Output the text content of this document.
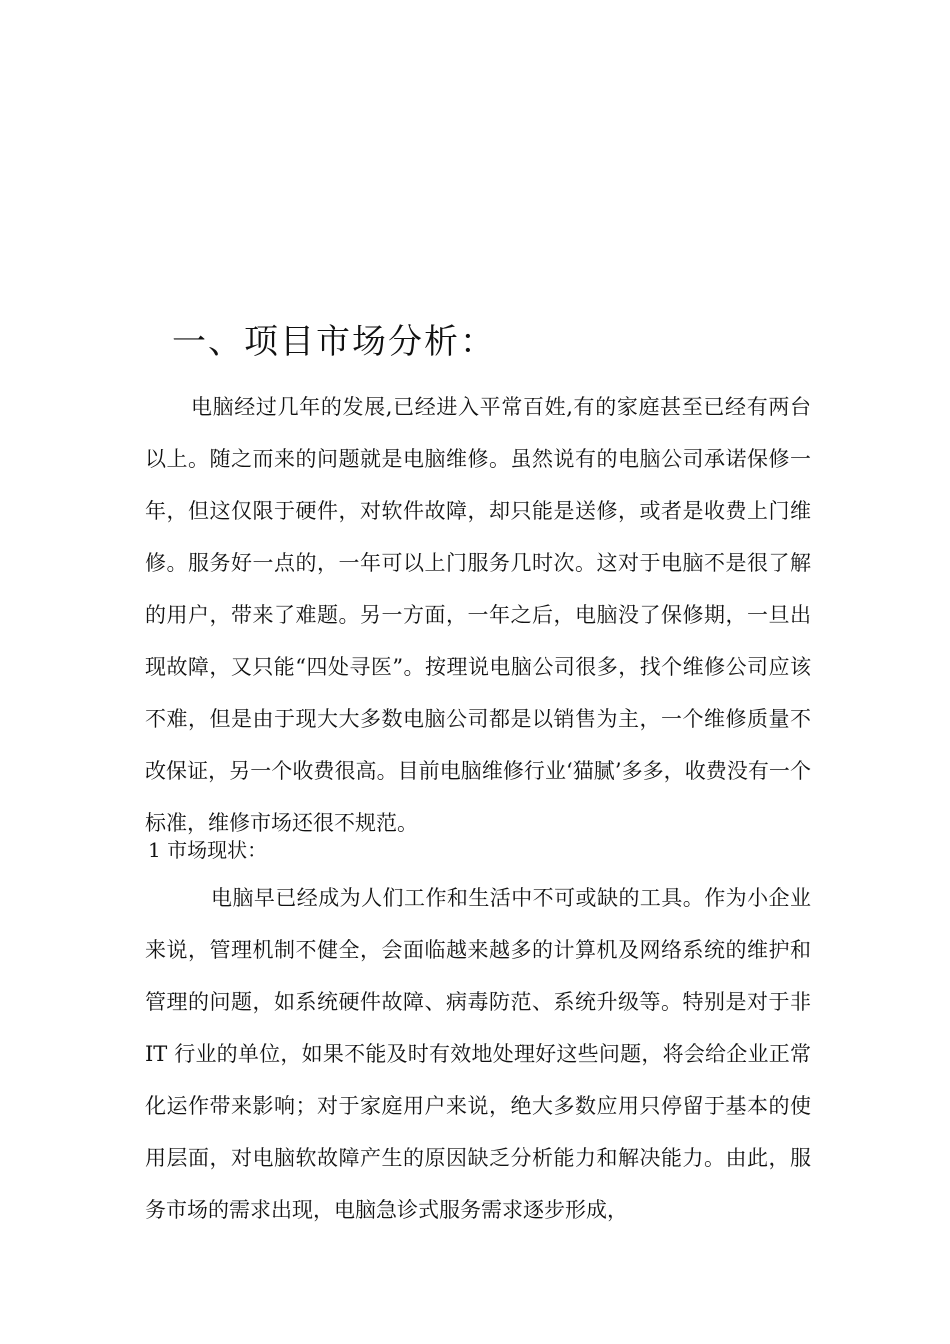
一、项目市场分析：

电脑经过几年的发展,已经进入平常百姓,有的家庭甚至已经有两台以上。随之而来的问题就是电脑维修。虽然说有的电脑公司承诺保修一年，但这仅限于硬件，对软件故障，却只能是送修，或者是收费上门维修。服务好一点的，一年可以上门服务几时次。这对于电脑不是很了解的用户，带来了难题。另一方面，一年之后，电脑没了保修期，一旦出现故障，又只能“四处寻医”。按理说电脑公司很多，找个维修公司应该不难，但是由于现大大多数电脑公司都是以销售为主，一个维修质量不改保证，另一个收费很高。目前电脑维修行业‘猫腻’多多，收费没有一个标准，维修市场还很不规范。

1 市场现状：

电脑早已经成为人们工作和生活中不可或缺的工具。作为小企业来说，管理机制不健全，会面临越来越多的计算机及网络系统的维护和管理的问题，如系统硬件故障、病毒防范、系统升级等。特别是对于非 IT 行业的单位，如果不能及时有效地处理好这些问题，将会给企业正常化运作带来影响；对于家庭用户来说，绝大多数应用只停留于基本的使用层面，对电脑软故障产生的原因缺乏分析能力和解决能力。由此，服务市场的需求出现，电脑急诊式服务需求逐步形成，
